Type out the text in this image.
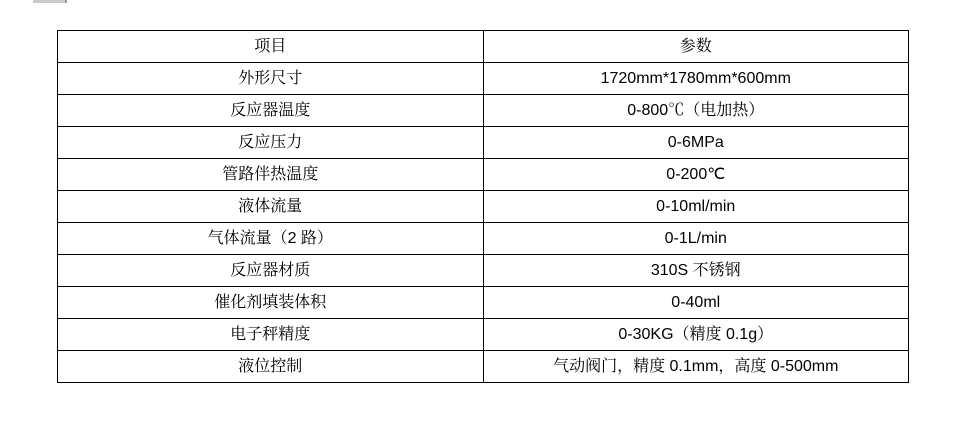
项目	参数
外形尺寸	1720mm*1780mm*600mm
反应器温度	0-800℃（电加热）
反应压力	0-6MPa
管路伴热温度	0-200℃
液体流量	0-10ml/min
气体流量（2 路）	0-1L/min
反应器材质	310S 不锈钢
催化剂填装体积	0-40ml
电子秤精度	0-30KG（精度 0.1g）
液位控制	气动阀门，精度 0.1mm，高度 0-500mm
